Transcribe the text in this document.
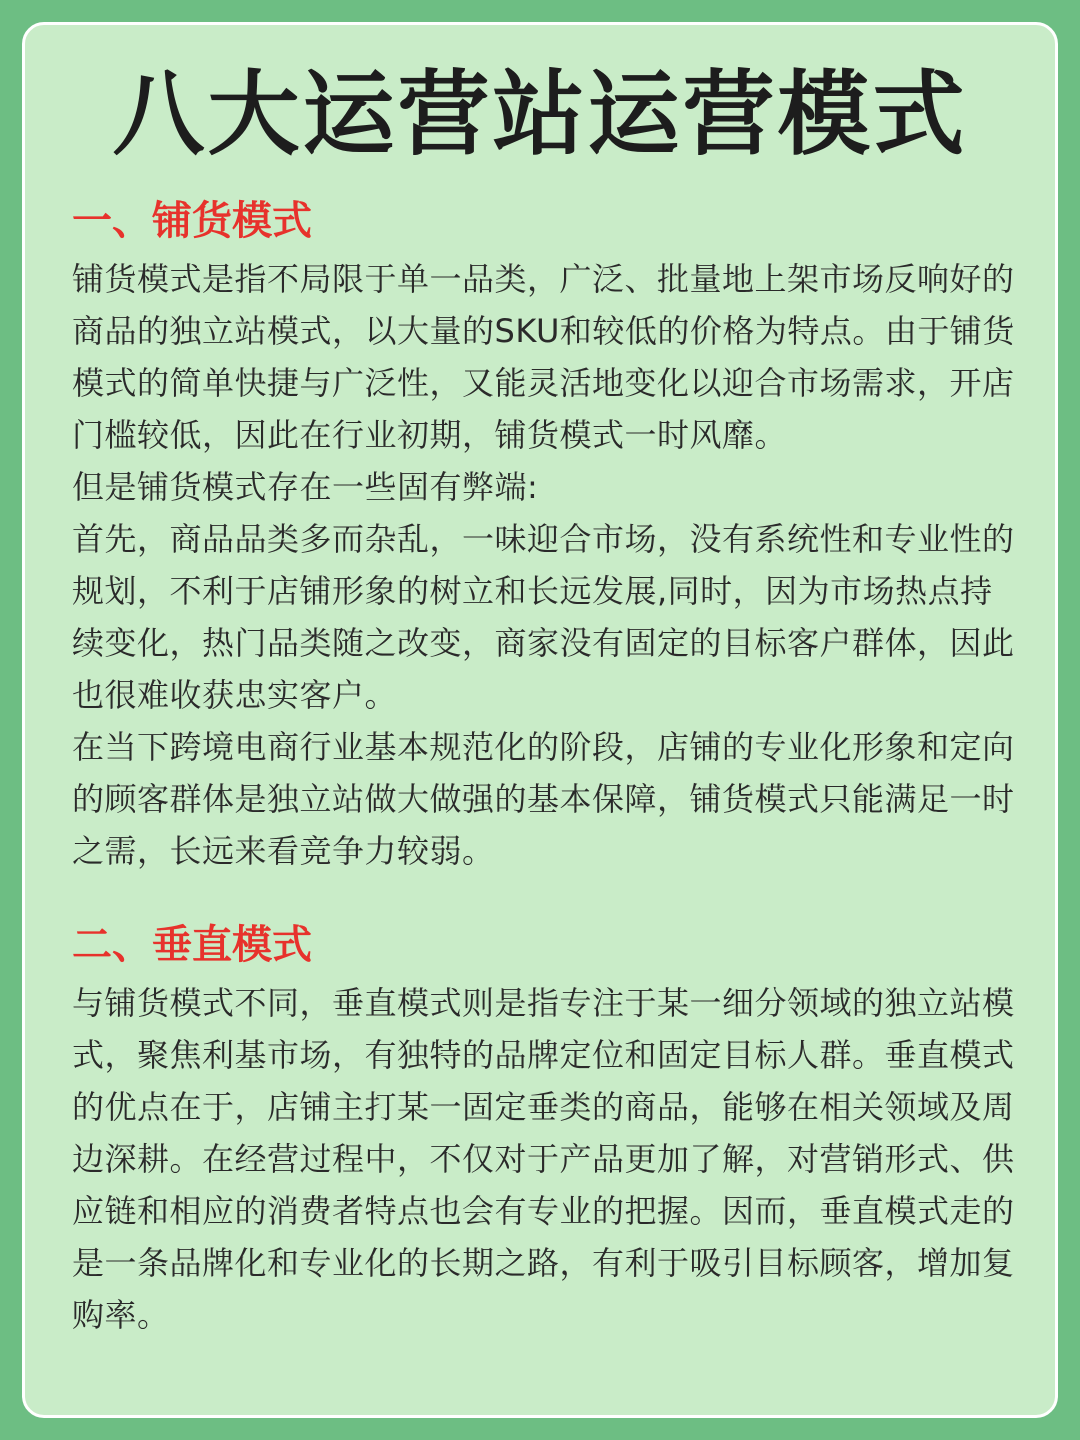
八大运营站运营模式
一、铺货模式

铺货模式是指不局限于单一品类，广泛、批量地上架市场反响好的商品的独立站模式，以大量的SKU和较低的价格为特点。由于铺货模式的简单快捷与广泛性，又能灵活地变化以迎合市场需求，开店门槛较低，因此在行业初期，铺货模式一时风靡。

但是铺货模式存在一些固有弊端:

首先，商品品类多而杂乱，一味迎合市场，没有系统性和专业性的规划，不利于店铺形象的树立和长远发展,同时，因为市场热点持续变化，热门品类随之改变，商家没有固定的目标客户群体，因此也很难收获忠实客户。

在当下跨境电商行业基本规范化的阶段，店铺的专业化形象和定向的顾客群体是独立站做大做强的基本保障，铺货模式只能满足一时之需，长远来看竞争力较弱。

二、垂直模式

与铺货模式不同，垂直模式则是指专注于某一细分领域的独立站模式，聚焦利基市场，有独特的品牌定位和固定目标人群。垂直模式的优点在于，店铺主打某一固定垂类的商品，能够在相关领域及周边深耕。在经营过程中，不仅对于产品更加了解，对营销形式、供应链和相应的消费者特点也会有专业的把握。因而，垂直模式走的是一条品牌化和专业化的长期之路，有利于吸引目标顾客，增加复购率。
